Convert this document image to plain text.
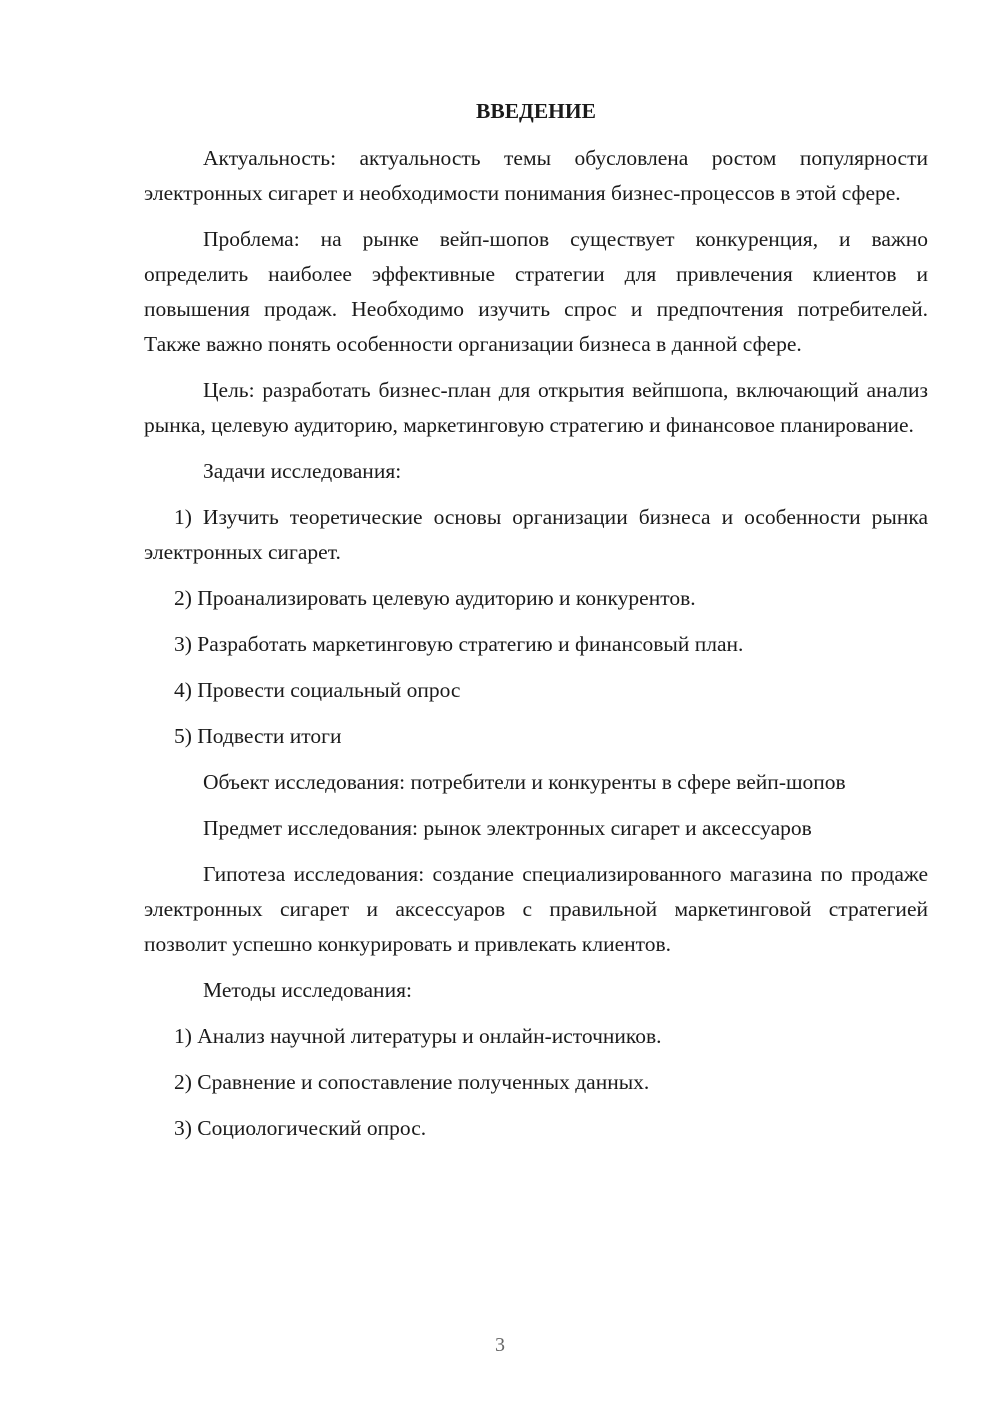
ВВЕДЕНИЕ

Актуальность: актуальность темы обусловлена ростом популярности электронных сигарет и необходимости понимания бизнес-процессов в этой сфере.

Проблема: на рынке вейп-шопов существует конкуренция, и важно определить наиболее эффективные стратегии для привлечения клиентов и повышения продаж. Необходимо изучить спрос и предпочтения потребителей. Также важно понять особенности организации бизнеса в данной сфере.

Цель: разработать бизнес-план для открытия вейпшопа, включающий анализ рынка, целевую аудиторию, маркетинговую стратегию и финансовое планирование.

Задачи исследования:

1) Изучить теоретические основы организации бизнеса и особенности рынка электронных сигарет.

2) Проанализировать целевую аудиторию и конкурентов.

3) Разработать маркетинговую стратегию и финансовый план.

4) Провести социальный опрос

5) Подвести итоги

Объект исследования: потребители и конкуренты в сфере вейп-шопов

Предмет исследования: рынок электронных сигарет и аксессуаров

Гипотеза исследования: создание специализированного магазина по продаже электронных сигарет и аксессуаров с правильной маркетинговой стратегией позволит успешно конкурировать и привлекать клиентов.

Методы исследования:

1) Анализ научной литературы и онлайн-источников.

2) Сравнение и сопоставление полученных данных.

3) Социологический опрос.

3
